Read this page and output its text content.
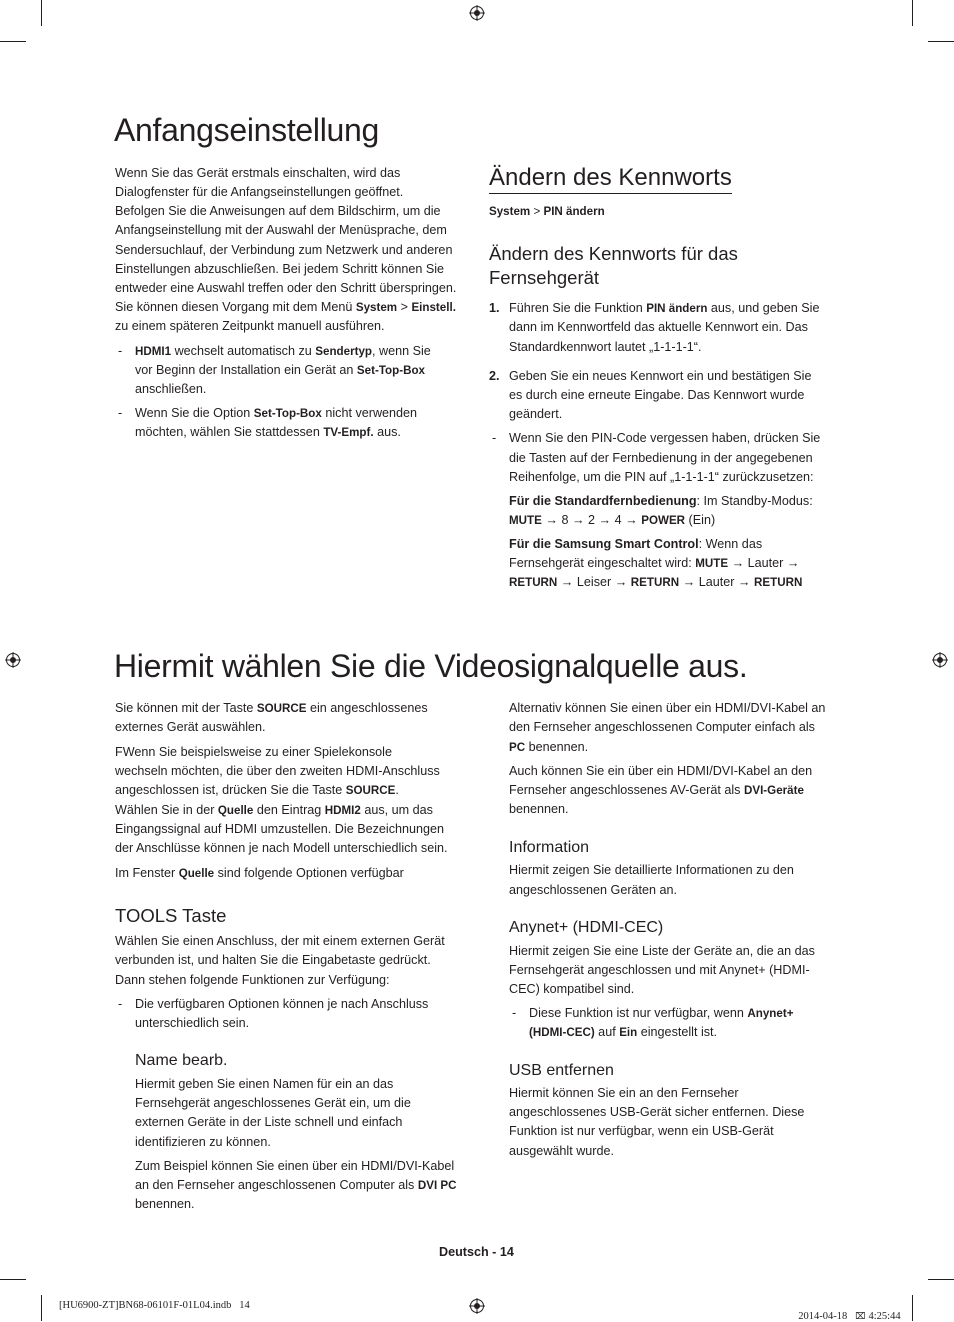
Anfangseinstellung
Wenn Sie das Gerät erstmals einschalten, wird das
Dialogfenster für die Anfangseinstellungen geöffnet.
Befolgen Sie die Anweisungen auf dem Bildschirm, um die
Anfangseinstellung mit der Auswahl der Menüsprache, dem
Sendersuchlauf, der Verbindung zum Netzwerk und anderen
Einstellungen abzuschließen. Bei jedem Schritt können Sie
entweder eine Auswahl treffen oder den Schritt überspringen.
Sie können diesen Vorgang mit dem Menü System > Einstell.
zu einem späteren Zeitpunkt manuell ausführen.
- HDMI1 wechselt automatisch zu Sendertyp, wenn Sie
vor Beginn der Installation ein Gerät an Set-Top-Box
anschließen.
- Wenn Sie die Option Set-Top-Box nicht verwenden
möchten, wählen Sie stattdessen TV-Empf. aus.
Ändern des Kennworts
System > PIN ändern
Ändern des Kennworts für das
Fernsehgerät
1. Führen Sie die Funktion PIN ändern aus, und geben Sie
dann im Kennwortfeld das aktuelle Kennwort ein. Das
Standardkennwort lautet „1-1-1-1“.
2. Geben Sie ein neues Kennwort ein und bestätigen Sie
es durch eine erneute Eingabe. Das Kennwort wurde
geändert.
- Wenn Sie den PIN-Code vergessen haben, drücken Sie
die Tasten auf der Fernbedienung in der angegebenen
Reihenfolge, um die PIN auf „1-1-1-1“ zurückzusetzen:
Für die Standardfernbedienung: Im Standby-Modus:
MUTE → 8 → 2 → 4 → POWER (Ein)
Für die Samsung Smart Control: Wenn das
Fernsehgerät eingeschaltet wird: MUTE → Lauter →
RETURN → Leiser → RETURN → Lauter → RETURN
Hiermit wählen Sie die Videosignalquelle aus.
Sie können mit der Taste SOURCE ein angeschlossenes
externes Gerät auswählen.
FWenn Sie beispielsweise zu einer Spielekonsole
wechseln möchten, die über den zweiten HDMI-Anschluss
angeschlossen ist, drücken Sie die Taste SOURCE.
Wählen Sie in der Quelle den Eintrag HDMI2 aus, um das
Eingangssignal auf HDMI umzustellen. Die Bezeichnungen
der Anschlüsse können je nach Modell unterschiedlich sein.
Im Fenster Quelle sind folgende Optionen verfügbar
TOOLS Taste
Wählen Sie einen Anschluss, der mit einem externen Gerät
verbunden ist, und halten Sie die Eingabetaste gedrückt.
Dann stehen folgende Funktionen zur Verfügung:
- Die verfügbaren Optionen können je nach Anschluss
unterschiedlich sein.
Name bearb.
Hiermit geben Sie einen Namen für ein an das
Fernsehgerät angeschlossenes Gerät ein, um die
externen Geräte in der Liste schnell und einfach
identifizieren zu können.
Zum Beispiel können Sie einen über ein HDMI/DVI-Kabel
an den Fernseher angeschlossenen Computer als DVI PC
benennen.
Alternativ können Sie einen über ein HDMI/DVI-Kabel an
den Fernseher angeschlossenen Computer einfach als
PC benennen.
Auch können Sie ein über ein HDMI/DVI-Kabel an den
Fernseher angeschlossenes AV-Gerät als DVI-Geräte
benennen.
Information
Hiermit zeigen Sie detaillierte Informationen zu den
angeschlossenen Geräten an.
Anynet+ (HDMI-CEC)
Hiermit zeigen Sie eine Liste der Geräte an, die an das
Fernsehgerät angeschlossen und mit Anynet+ (HDMI-
CEC) kompatibel sind.
- Diese Funktion ist nur verfügbar, wenn Anynet+
(HDMI-CEC) auf Ein eingestellt ist.
USB entfernen
Hiermit können Sie ein an den Fernseher
angeschlossenes USB-Gerät sicher entfernen. Diese
Funktion ist nur verfügbar, wenn ein USB-Gerät
ausgewählt wurde.
Deutsch - 14
[HU6900-ZT]BN68-06101F-01L04.indb   14

2014-04-18   ⌧ 4:25:44
